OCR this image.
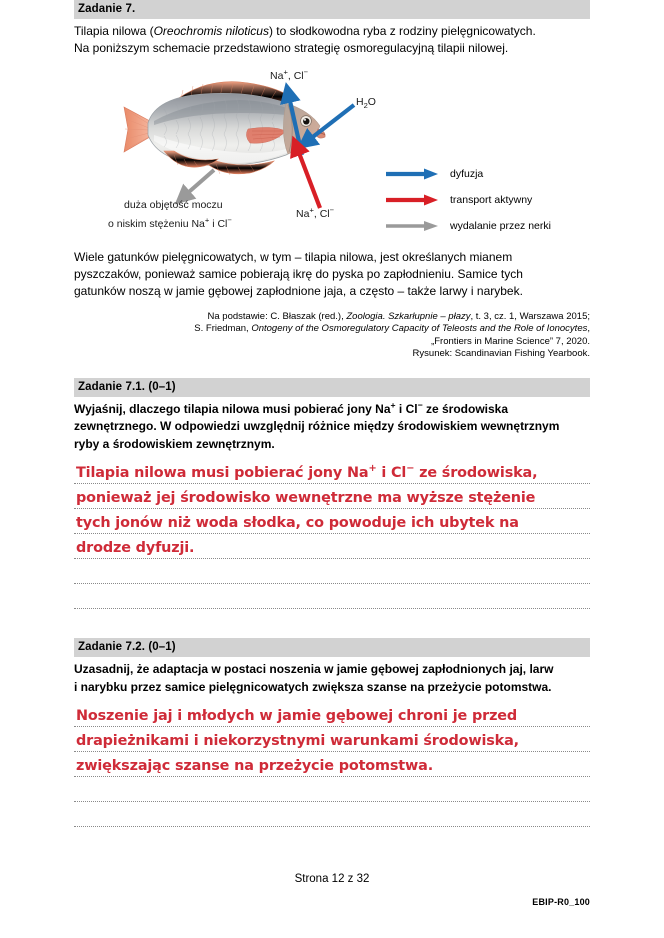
Zadanie 7.
Tilapia nilowa (Oreochromis niloticus) to słodkowodna ryba z rodziny pielęgnicowatych.
Na poniższym schemacie przedstawiono strategię osmoregulacyjną tilapii nilowej.
Na+, Cl−
$H_2O$
Na+, Cl−
duża objętość moczu
o niskim stężeniu Na+ i Cl−
dyfuzja
transport aktywny
wydalanie przez nerki
Wiele gatunków pielęgnicowatych, w tym – tilapia nilowa, jest określanych mianem
pyszczaków, ponieważ samice pobierają ikrę do pyska po zapłodnieniu. Samice tych
gatunków noszą w jamie gębowej zapłodnione jaja, a często – także larwy i narybek.
Na podstawie: C. Błaszak (red.), Zoologia. Szkarłupnie – płazy, t. 3, cz. 1, Warszawa 2015;
S. Friedman, Ontogeny of the Osmoregulatory Capacity of Teleosts and the Role of Ionocytes,
„Frontiers in Marine Science” 7, 2020.
Rysunek: Scandinavian Fishing Yearbook.
Zadanie 7.1. (0–1)
Wyjaśnij, dlaczego tilapia nilowa musi pobierać jony Na+ i Cl− ze środowiska
zewnętrznego. W odpowiedzi uwzględnij różnice między środowiskiem wewnętrznym
ryby a środowiskiem zewnętrznym.
Tilapia nilowa musi pobierać jony Na+ i Cl− ze środowiska,
ponieważ jej środowisko wewnętrzne ma wyższe stężenie
tych jonów niż woda słodka, co powoduje ich ubytek na
drodze dyfuzji.
Zadanie 7.2. (0–1)
Uzasadnij, że adaptacja w postaci noszenia w jamie gębowej zapłodnionych jaj, larw
i narybku przez samice pielęgnicowatych zwiększa szanse na przeżycie potomstwa.
Noszenie jaj i młodych w jamie gębowej chroni je przed
drapieżnikami i niekorzystnymi warunkami środowiska,
zwiększając szanse na przeżycie potomstwa.
Strona 12 z 32
EBIP-R0_100
